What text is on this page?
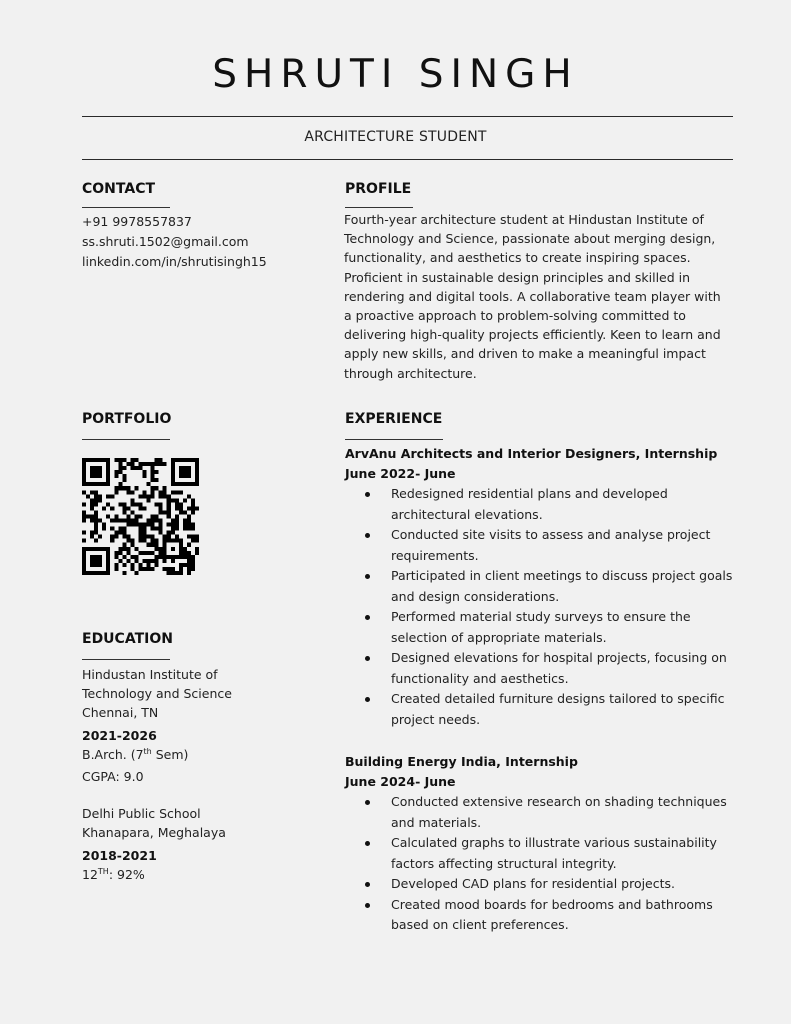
SHRUTI SINGH
ARCHITECTURE STUDENT
CONTACT
+91 9978557837
ss.shruti.1502@gmail.com
linkedin.com/in/shrutisingh15
PROFILE
Fourth-year architecture student at Hindustan Institute of
Technology and Science, passionate about merging design,
functionality, and aesthetics to create inspiring spaces.
Proficient in sustainable design principles and skilled in
rendering and digital tools. A collaborative team player with
a proactive approach to problem-solving committed to
delivering high-quality projects efficiently. Keen to learn and
apply new skills, and driven to make a meaningful impact
through architecture.
PORTFOLIO
EDUCATION
Hindustan Institute of
Technology and Science
Chennai, TN
2021-2026
B.Arch. (7th Sem)
CGPA: 9.0
Delhi Public School
Khanapara, Meghalaya
2018-2021
12TH: 92%
EXPERIENCE
ArvAnu Architects and Interior Designers, Internship
June 2022- June
Redesigned residential plans and developed
architectural elevations.
Conducted site visits to assess and analyse project
requirements.
Participated in client meetings to discuss project goals
and design considerations.
Performed material study surveys to ensure the
selection of appropriate materials.
Designed elevations for hospital projects, focusing on
functionality and aesthetics.
Created detailed furniture designs tailored to specific
project needs.
Building Energy India, Internship
June 2024- June
Conducted extensive research on shading techniques
and materials.
Calculated graphs to illustrate various sustainability
factors affecting structural integrity.
Developed CAD plans for residential projects.
Created mood boards for bedrooms and bathrooms
based on client preferences.
